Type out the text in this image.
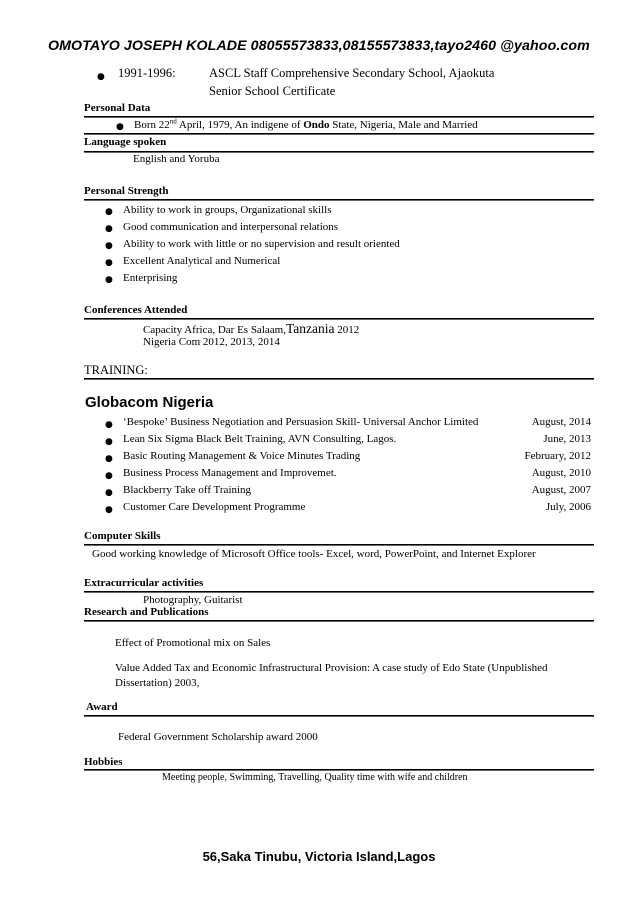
OMOTAYO JOSEPH KOLADE 08055573833,08155573833,tayo2460 @yahoo.com
● 1991-1996:	ASCL Staff Comprehensive Secondary School, Ajaokuta
Senior School Certificate
Personal Data
● Born 22nd April, 1979, An indigene of Ondo State, Nigeria, Male and Married
Language spoken
English and Yoruba
Personal Strength
● Ability to work in groups, Organizational skills
● Good communication and interpersonal relations
● Ability to work with little or no supervision and result oriented
● Excellent Analytical and Numerical
● Enterprising
Conferences Attended
Capacity Africa, Dar Es Salaam,Tanzania 2012
Nigeria Com 2012, 2013, 2014
TRAINING:
Globacom Nigeria
● ‘Bespoke’ Business Negotiation and Persuasion Skill- Universal Anchor Limited	August, 2014
● Lean Six Sigma Black Belt Training, AVN Consulting, Lagos.	June, 2013
● Basic Routing Management & Voice Minutes Trading	February, 2012
● Business Process Management and Improvemet.	August, 2010
● Blackberry Take off Training	August, 2007
● Customer Care Development Programme	July, 2006
Computer Skills
Good working knowledge of Microsoft Office tools- Excel, word, PowerPoint, and Internet Explorer
Extracurricular activities
Photography, Guitarist
Research and Publications
Effect of Promotional mix on Sales
Value Added Tax and Economic Infrastructural Provision: A case study of Edo State (Unpublished
Dissertation) 2003,
Award
Federal Government Scholarship award 2000
Hobbies
Meeting people, Swimming, Travelling, Quality time with wife and children
56,Saka Tinubu, Victoria Island,Lagos
